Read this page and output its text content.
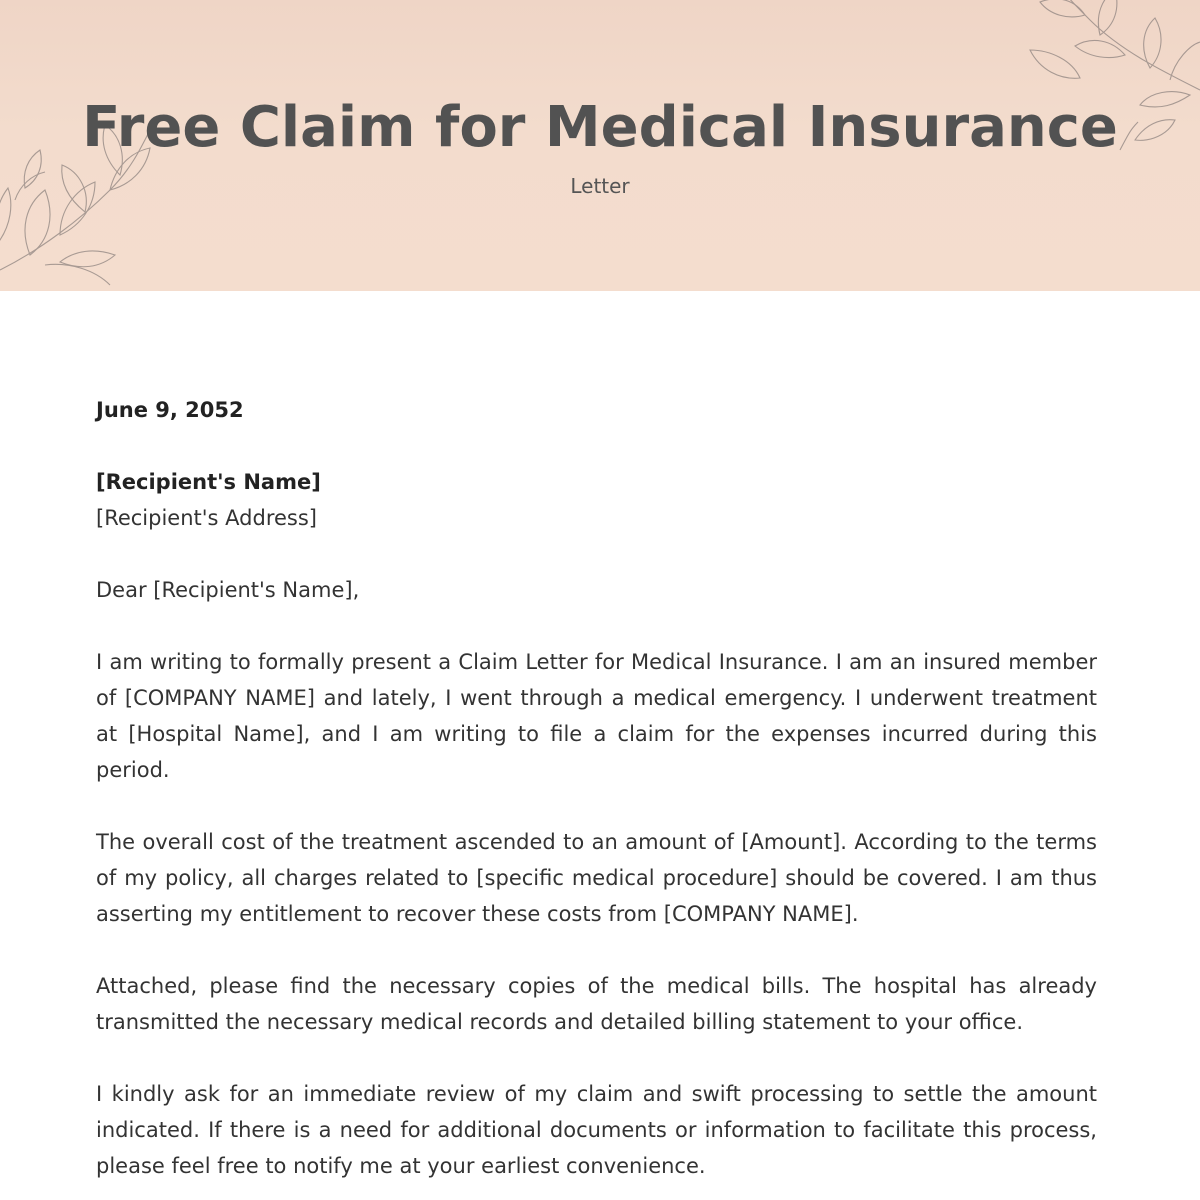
Free Claim for Medical Insurance
Letter

June 9, 2052

[Recipient's Name]

[Recipient's Address]

Dear [Recipient's Name],

I am writing to formally present a Claim Letter for Medical Insurance. I am an insured member of [COMPANY NAME] and lately, I went through a medical emergency. I underwent treatment at [Hospital Name], and I am writing to file a claim for the expenses incurred during this period.

The overall cost of the treatment ascended to an amount of [Amount]. According to the terms of my policy, all charges related to [specific medical procedure] should be covered. I am thus asserting my entitlement to recover these costs from [COMPANY NAME].

Attached, please find the necessary copies of the medical bills. The hospital has already transmitted the necessary medical records and detailed billing statement to your office.

I kindly ask for an immediate review of my claim and swift processing to settle the amount indicated. If there is a need for additional documents or information to facilitate this process, please feel free to notify me at your earliest convenience.
